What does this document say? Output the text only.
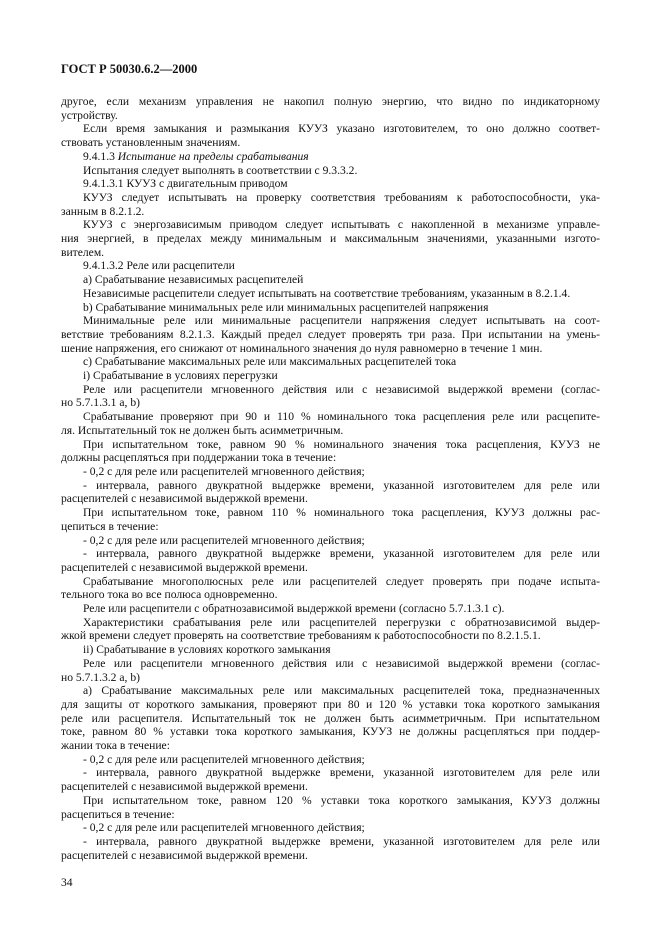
ГОСТ Р 50030.6.2—2000
другое, если механизм управления не накопил полную энергию, что видно по индикаторному
устройству.
Если время замыкания и размыкания КУУЗ указано изготовителем, то оно должно соответ-
ствовать установленным значениям.
9.4.1.3 Испытание на пределы срабатывания
Испытания следует выполнять в соответствии с 9.3.3.2.
9.4.1.3.1 КУУЗ с двигательным приводом
КУУЗ следует испытывать на проверку соответствия требованиям к работоспособности, ука-
занным в 8.2.1.2.
КУУЗ с энергозависимым приводом следует испытывать с накопленной в механизме управле-
ния энергией, в пределах между минимальным и максимальным значениями, указанными изгото-
вителем.
9.4.1.3.2 Реле или расцепители
a) Срабатывание независимых расцепителей
Независимые расцепители следует испытывать на соответствие требованиям, указанным в 8.2.1.4.
b) Срабатывание минимальных реле или минимальных расцепителей напряжения
Минимальные реле или минимальные расцепители напряжения следует испытывать на соот-
ветствие требованиям 8.2.1.3. Каждый предел следует проверять три раза. При испытании на умень-
шение напряжения, его снижают от номинального значения до нуля равномерно в течение 1 мин.
c) Срабатывание максимальных реле или максимальных расцепителей тока
i) Срабатывание в условиях перегрузки
Реле или расцепители мгновенного действия или с независимой выдержкой времени (соглас-
но 5.7.1.3.1 a, b)
Срабатывание проверяют при 90 и 110 % номинального тока расцепления реле или расцепите-
ля. Испытательный ток не должен быть асимметричным.
При испытательном токе, равном 90 % номинального значения тока расцепления, КУУЗ не
должны расцепляться при поддержании тока в течение:
- 0,2 с для реле или расцепителей мгновенного действия;
- интервала, равного двукратной выдержке времени, указанной изготовителем для реле или
расцепителей с независимой выдержкой времени.
При испытательном токе, равном 110 % номинального тока расцепления, КУУЗ должны рас-
цепиться в течение:
- 0,2 с для реле или расцепителей мгновенного действия;
- интервала, равного двукратной выдержке времени, указанной изготовителем для реле или
расцепителей с независимой выдержкой времени.
Срабатывание многополюсных реле или расцепителей следует проверять при подаче испыта-
тельного тока во все полюса одновременно.
Реле или расцепители с обратнозависимой выдержкой времени (согласно 5.7.1.3.1 c).
Характеристики срабатывания реле или расцепителей перегрузки с обратнозависимой выдер-
жкой времени следует проверять на соответствие требованиям к работоспособности по 8.2.1.5.1.
ii) Срабатывание в условиях короткого замыкания
Реле или расцепители мгновенного действия или с независимой выдержкой времени (соглас-
но 5.7.1.3.2 a, b)
a) Срабатывание максимальных реле или максимальных расцепителей тока, предназначенных
для защиты от короткого замыкания, проверяют при 80 и 120 % уставки тока короткого замыкания
реле или расцепителя. Испытательный ток не должен быть асимметричным. При испытательном
токе, равном 80 % уставки тока короткого замыкания, КУУЗ не должны расцепляться при поддер-
жании тока в течение:
- 0,2 с для реле или расцепителей мгновенного действия;
- интервала, равного двукратной выдержке времени, указанной изготовителем для реле или
расцепителей с независимой выдержкой времени.
При испытательном токе, равном 120 % уставки тока короткого замыкания, КУУЗ должны
расцепиться в течение:
- 0,2 с для реле или расцепителей мгновенного действия;
- интервала, равного двукратной выдержке времени, указанной изготовителем для реле или
расцепителей с независимой выдержкой времени.
34
